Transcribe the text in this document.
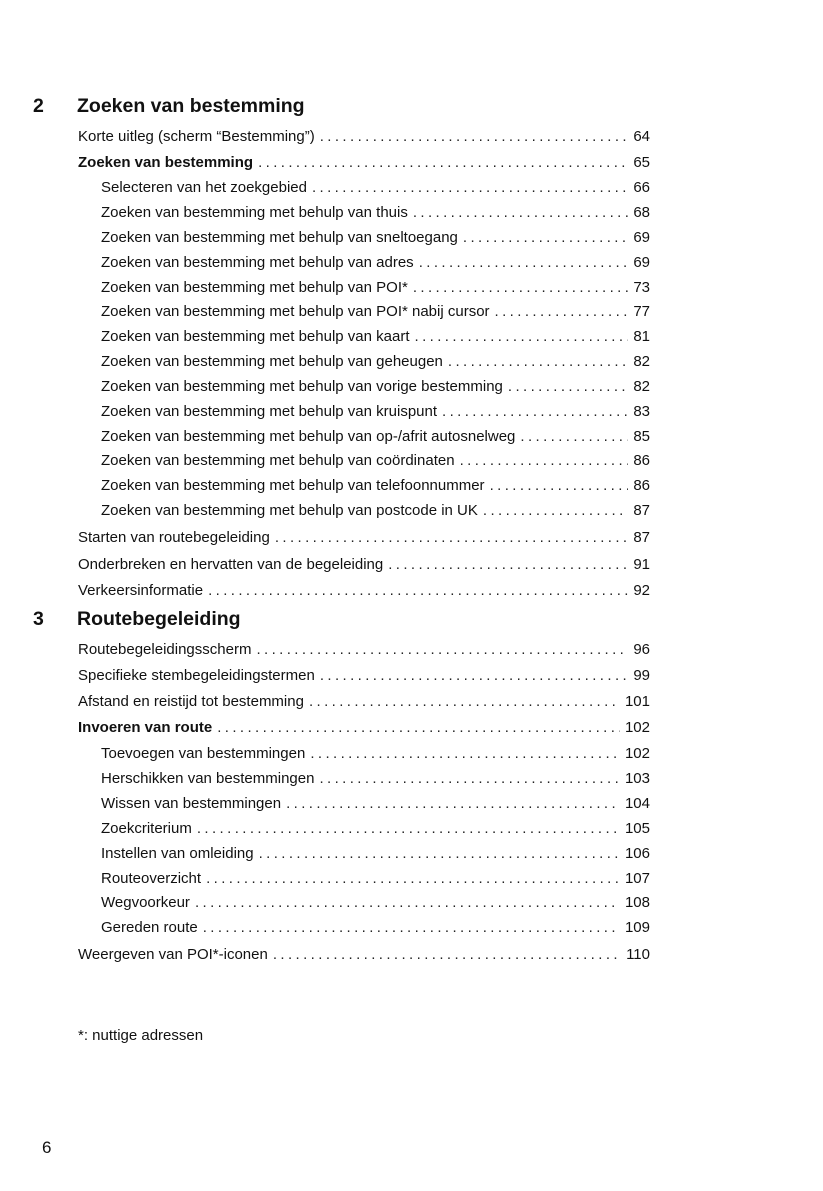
2 Zoeken van bestemming
Korte uitleg (scherm “Bestemming”) .....	64
Zoeken van bestemming .....	65
Selecteren van het zoekgebied .....	66
Zoeken van bestemming met behulp van thuis .....	68
Zoeken van bestemming met behulp van sneltoegang .....	69
Zoeken van bestemming met behulp van adres .....	69
Zoeken van bestemming met behulp van POI* .....	73
Zoeken van bestemming met behulp van POI* nabij cursor .....	77
Zoeken van bestemming met behulp van kaart .....	81
Zoeken van bestemming met behulp van geheugen .....	82
Zoeken van bestemming met behulp van vorige bestemming .....	82
Zoeken van bestemming met behulp van kruispunt .....	83
Zoeken van bestemming met behulp van op-/afrit autosnelweg .....	85
Zoeken van bestemming met behulp van coördinaten .....	86
Zoeken van bestemming met behulp van telefoonnummer .....	86
Zoeken van bestemming met behulp van postcode in UK .....	87
Starten van routebegeleiding .....	87
Onderbreken en hervatten van de begeleiding .....	91
Verkeersinformatie .....	92
3 Routebegeleiding
Routebegeleidingsscherm .....	96
Specifieke stembegeleidingstermen .....	99
Afstand en reistijd tot bestemming .....	101
Invoeren van route .....	102
Toevoegen van bestemmingen .....	102
Herschikken van bestemmingen .....	103
Wissen van bestemmingen .....	104
Zoekcriterium .....	105
Instellen van omleiding .....	106
Routeoverzicht .....	107
Wegvoorkeur .....	108
Gereden route .....	109
Weergeven van POI*-iconen .....	110
*: nuttige adressen
6
